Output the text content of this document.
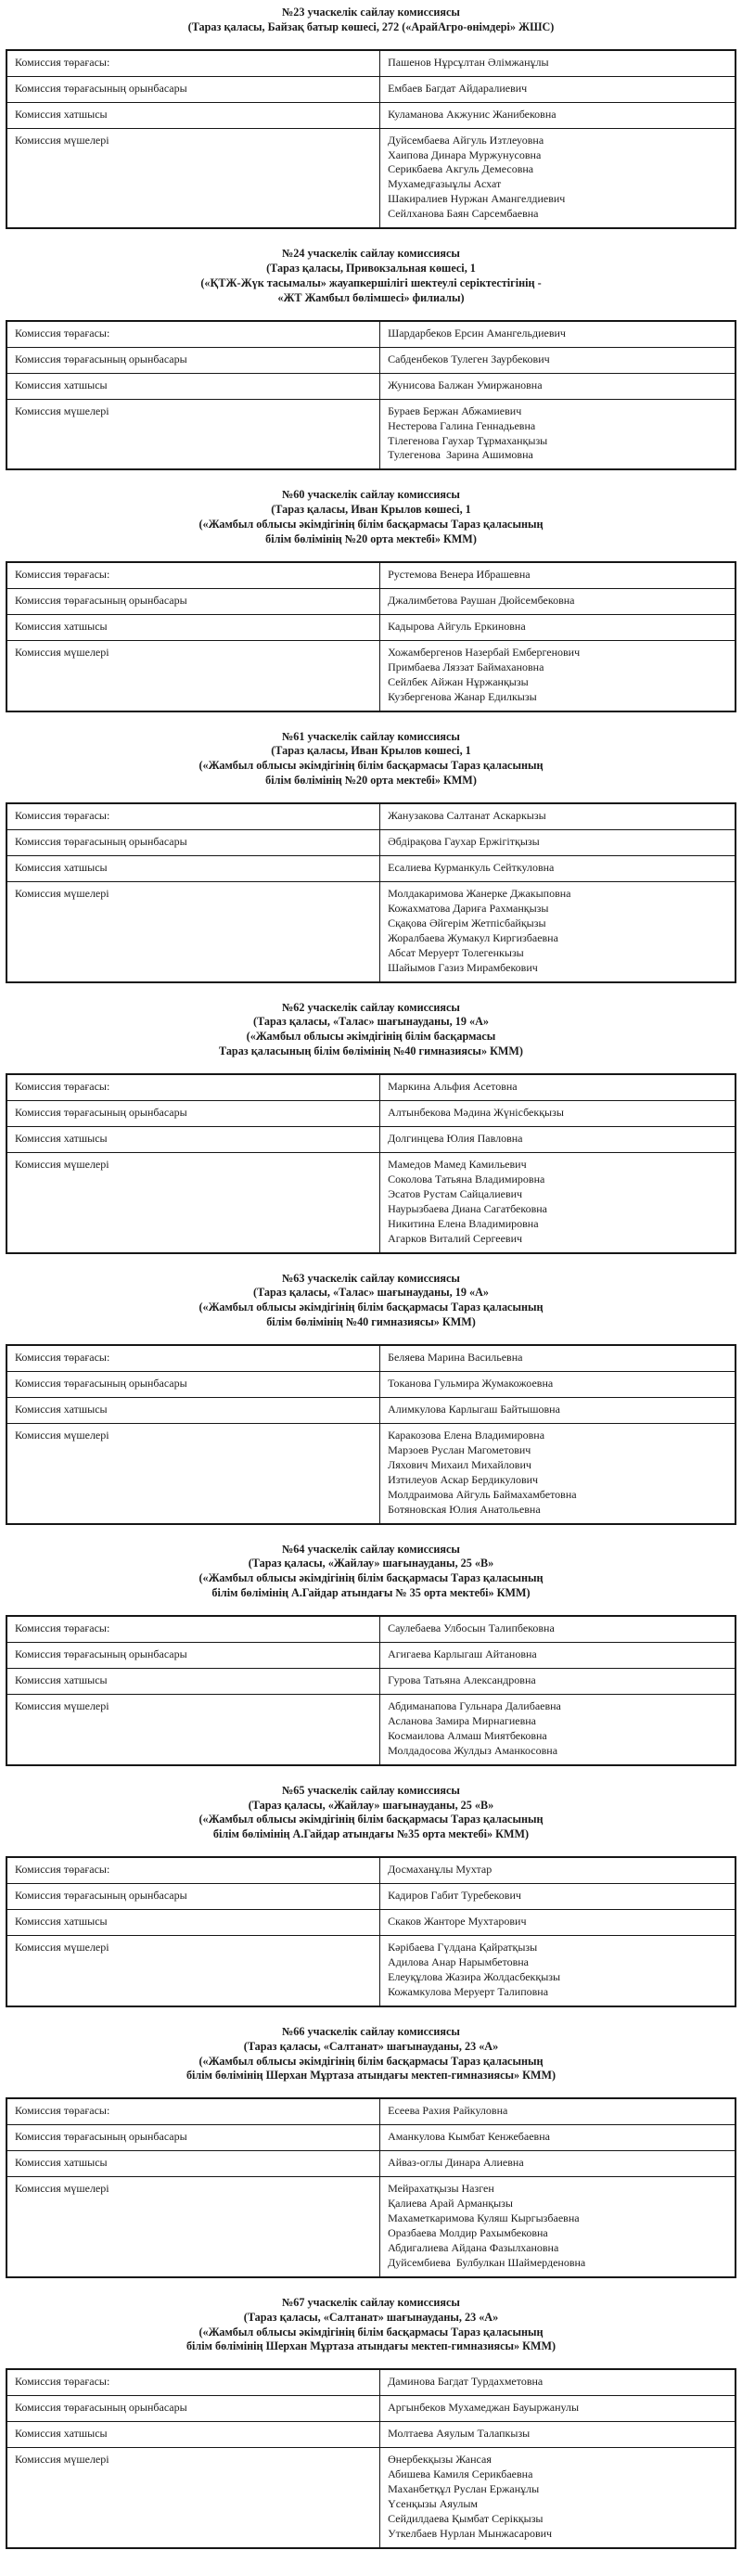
№23 учаскелік сайлау комиссиясы
(Тараз қаласы, Байзақ батыр көшесі, 272 («АрайАгро-өнімдері» ЖШС)
Комиссия төрағасы:	Пашенов Нұрсұлтан Әлімжанұлы
Комиссия төрағасының орынбасары	Ембаев Багдат Айдаралиевич
Комиссия хатшысы	Куламанова Акжунис Жанибековна
Комиссия мүшелері	Дуйсембаева Айгуль Изтлеуовна
Хаипова Динара Муржунусовна
Серикбаева Акгуль Демесовна
Мухамедғазыұлы Асхат
Шакиралиев Нуржан Амангелдиевич
Сейлханова Баян Сарсембаевна
№24 учаскелік сайлау комиссиясы
(Тараз қаласы, Привокзальная көшесі, 1
(«ҚТЖ-Жүк тасымалы» жауапкершілігі шектеулі серіктестігінің -
«ЖТ Жамбыл бөлімшесі» филиалы)
Комиссия төрағасы:	Шардарбеков Ерсин Амангельдиевич
Комиссия төрағасының орынбасары	Сабденбеков Тулеген Заурбекович
Комиссия хатшысы	Жунисова Балжан Умиржановна
Комиссия мүшелері	Бураев Бержан Абжамиевич
Нестерова Галина Геннадьевна
Тілегенова Гаухар Тұрмаханқызы
Тулегенова  Зарина Ашимовна
№60 учаскелік сайлау комиссиясы
(Тараз қаласы, Иван Крылов көшесі, 1
(«Жамбыл облысы әкімдігінің білім басқармасы Тараз қаласының
білім бөлімінің №20 орта мектебі» КММ)
Комиссия төрағасы:	Рустемова Венера Ибрашевна
Комиссия төрағасының орынбасары	Джалимбетова Раушан Дюйсембековна
Комиссия хатшысы	Кадырова Айгуль Еркиновна
Комиссия мүшелері	Хожамбергенов Назербай Ембергенович
Примбаева Ляззат Баймахановна
Сейлбек Айжан Нұржанқызы
Кузбергенова Жанар Едилкызы
№61 учаскелік сайлау комиссиясы
(Тараз қаласы, Иван Крылов көшесі, 1
(«Жамбыл облысы әкімдігінің білім басқармасы Тараз қаласының
білім бөлімінің №20 орта мектебі» КММ)
Комиссия төрағасы:	Жанузакова Салтанат Аскаркызы
Комиссия төрағасының орынбасары	Әбдірақова Гаухар Ержігітқызы
Комиссия хатшысы	Есалиева Курманкуль Сейткуловна
Комиссия мүшелері	Молдакаримова Жанерке Джакыповна
Кожахматова Дариға Рахманқызы
Сқақова Әйгерім Жетпісбайқызы
Жоралбаева Жумакул Киргизбаевна
Абсат Меруерт Толегенкызы
Шайымов Газиз Мирамбекович
№62 учаскелік сайлау комиссиясы
(Тараз қаласы, «Талас» шағынауданы, 19 «А»
(«Жамбыл облысы әкімдігінің білім басқармасы
Тараз қаласының білім бөлімінің №40 гимназиясы» КММ)
Комиссия төрағасы:	Маркина Альфия Асетовна
Комиссия төрағасының орынбасары	Алтынбекова Мәдина Жүнісбекқызы
Комиссия хатшысы	Долгинцева Юлия Павловна
Комиссия мүшелері	Мамедов Мамед Камильевич
Соколова Татьяна Владимировна
Эсатов Рустам Сайцалиевич
Наурызбаева Диана Сагатбековна
Никитина Елена Владимировна
Агарков Виталий Сергеевич
№63 учаскелік сайлау комиссиясы
(Тараз қаласы, «Талас» шағынауданы, 19 «А»
(«Жамбыл облысы әкімдігінің білім басқармасы Тараз қаласының
білім бөлімінің №40 гимназиясы» КММ)
Комиссия төрағасы:	Беляева Марина Васильевна
Комиссия төрағасының орынбасары	Токанова Гульмира Жумакожоевна
Комиссия хатшысы	Алимкулова Карлыгаш Байтышовна
Комиссия мүшелері	Каракозова Елена Владимировна
Марзоев Руслан Магометович
Ляхович Михаил Михайлович
Изтилеуов Аскар Бердикулович
Молдраимова Айгуль Баймахамбетовна
Ботяновская Юлия Анатольевна
№64 учаскелік сайлау комиссиясы
(Тараз қаласы, «Жайлау» шағынауданы, 25 «В»
(«Жамбыл облысы әкімдігінің білім басқармасы Тараз қаласының
білім бөлімінің А.Гайдар атындағы № 35 орта мектебі» КММ)
Комиссия төрағасы:	Саулебаева Улбосын Талипбековна
Комиссия төрағасының орынбасары	Агигаева Карлыгаш Айтановна
Комиссия хатшысы	Гурова Татьяна Александровна
Комиссия мүшелері	Абдиманапова Гульнара Далибаевна
Асланова Замира Мирнагиевна
Космаилова Алмаш Миятбековна
Молдадосова Жулдыз Аманкосовна
№65 учаскелік сайлау комиссиясы
(Тараз қаласы, «Жайлау» шағынауданы, 25 «В»
(«Жамбыл облысы әкімдігінің білім басқармасы Тараз қаласының
білім бөлімінің А.Гайдар атындағы №35 орта мектебі» КММ)
Комиссия төрағасы:	Досмаханұлы Мухтар
Комиссия төрағасының орынбасары	Кадиров Габит Туребекович
Комиссия хатшысы	Скаков Жанторе Мухтарович
Комиссия мүшелері	Кәрібаева Гүлдана Қайратқызы
Адилова Анар Нарымбетовна
Елеуқұлова Жазира Жолдасбекқызы
Кожамкулова Меруерт Талиповна
№66 учаскелік сайлау комиссиясы
(Тараз қаласы, «Салтанат» шағынауданы, 23 «А»
(«Жамбыл облысы әкімдігінің білім басқармасы Тараз қаласының
білім бөлімінің Шерхан Мұртаза атындағы мектеп-гимназиясы» КММ)
Комиссия төрағасы:	Есеева Рахия Райкуловна
Комиссия төрағасының орынбасары	Аманкулова Кымбат Кенжебаевна
Комиссия хатшысы	Айваз-оглы Динара Алиевна
Комиссия мүшелері	Мейрахатқызы Назген
Қалиева Арай Арманқызы
Махаметкаримова Куляш Кыргызбаевна
Оразбаева Молдир Рахымбековна
Абдигалиева Айдана Фазылхановна
Дуйсембиева  Булбулкан Шаймерденовна
№67 учаскелік сайлау комиссиясы
(Тараз қаласы, «Салтанат» шағынауданы, 23 «А»
(«Жамбыл облысы әкімдігінің білім басқармасы Тараз қаласының
білім бөлімінің Шерхан Мұртаза атындағы мектеп-гимназиясы» КММ)
Комиссия төрағасы:	Даминова Багдат Турдахметовна
Комиссия төрағасының орынбасары	Аргынбеков Мухамеджан Бауыржанулы
Комиссия хатшысы	Молтаева Аяулым Талапкызы
Комиссия мүшелері	Өнербекқызы Жансая
Абишева Камиля Серикбаевна
Маханбетқұл Руслан Ержанұлы
Үсенқызы Аяулым
Сейдилдаева Қымбат Серікқызы
Уткелбаев Нурлан Мынжасарович
